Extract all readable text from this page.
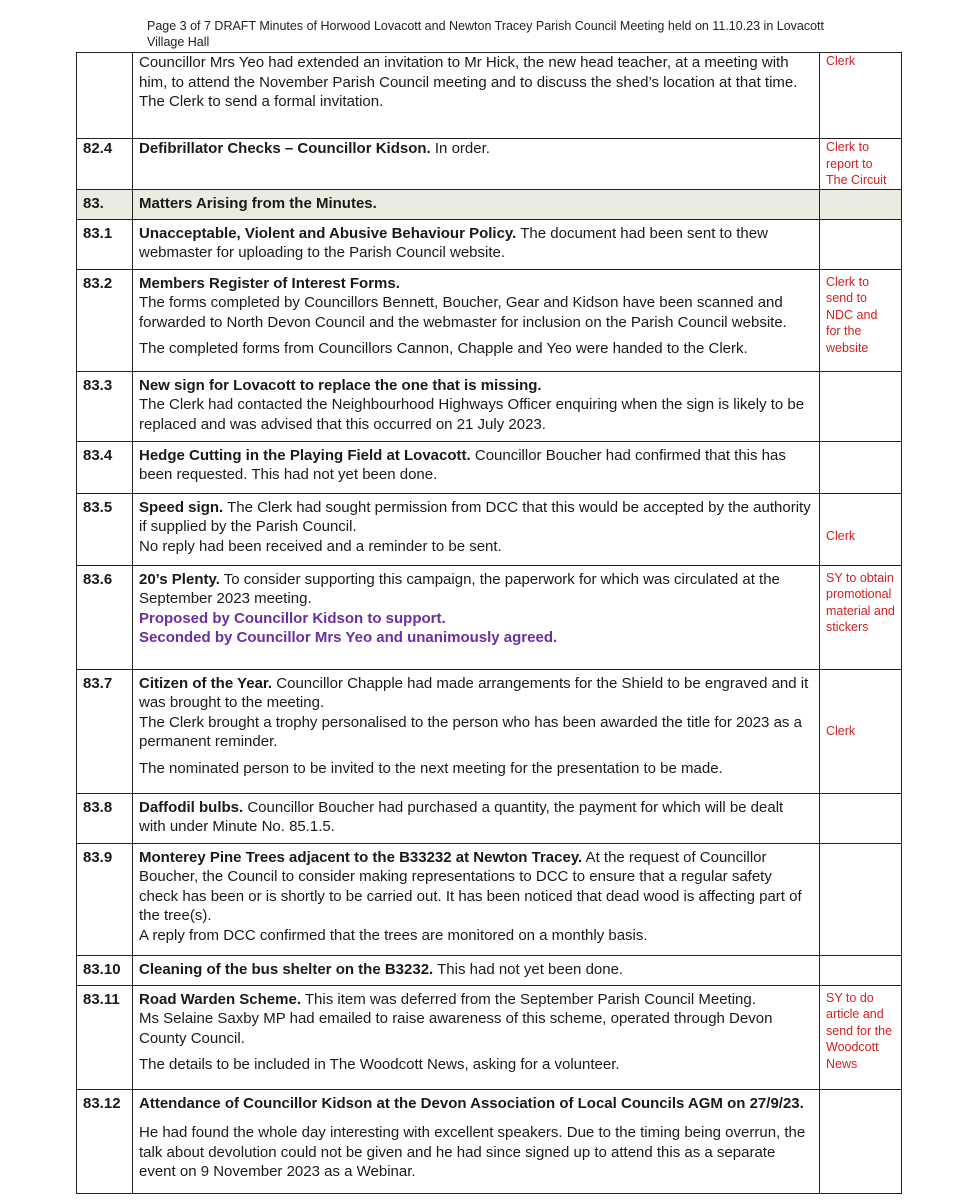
Page 3 of 7 DRAFT Minutes of Horwood Lovacott and Newton Tracey Parish Council Meeting held on 11.10.23 in Lovacott Village Hall

	Councillor Mrs Yeo had extended an invitation to Mr Hick, the new head teacher, at a meeting with him, to attend the November Parish Council meeting and to discuss the shed’s location at that time. The Clerk to send a formal invitation.	Clerk
82.4	Defibrillator Checks – Councillor Kidson. In order.	Clerk to report to The Circuit
83.	Matters Arising from the Minutes.	
83.1	Unacceptable, Violent and Abusive Behaviour Policy. The document had been sent to thew webmaster for uploading to the Parish Council website.	

83.2	Members Register of Interest Forms.

The forms completed by Councillors Bennett, Boucher, Gear and Kidson have been scanned and forwarded to North Devon Council and the webmaster for inclusion on the Parish Council website.

The completed forms from Councillors Cannon, Chapple and Yeo were handed to the Clerk.	Clerk to send to NDC and for the website
83.3	New sign for Lovacott to replace the one that is missing.

The Clerk had contacted the Neighbourhood Highways Officer enquiring when the sign is likely to be replaced and was advised that this occurred on 21 July 2023.	

83.4	Hedge Cutting in the Playing Field at Lovacott. Councillor Boucher had confirmed that this has been requested. This had not yet been done.	

83.5	Speed sign. The Clerk had sought permission from DCC that this would be accepted by the authority if supplied by the Parish Council.

No reply had been received and a reminder to be sent.	Clerk
83.6	20’s Plenty. To consider supporting this campaign, the paperwork for which was circulated at the September 2023 meeting.

Proposed by Councillor Kidson to support.

Seconded by Councillor Mrs Yeo and unanimously agreed.	SY to obtain promotional material and stickers
83.7	Citizen of the Year. Councillor Chapple had made arrangements for the Shield to be engraved and it was brought to the meeting.

The Clerk brought a trophy personalised to the person who has been awarded the title for 2023 as a permanent reminder.

The nominated person to be invited to the next meeting for the presentation to be made.	Clerk
83.8	Daffodil bulbs. Councillor Boucher had purchased a quantity, the payment for which will be dealt with under Minute No. 85.1.5.	

83.9	Monterey Pine Trees adjacent to the B33232 at Newton Tracey. At the request of Councillor Boucher, the Council to consider making representations to DCC to ensure that a regular safety check has been or is shortly to be carried out. It has been noticed that dead wood is affecting part of the tree(s).

A reply from DCC confirmed that the trees are monitored on a monthly basis.	

83.10	Cleaning of the bus shelter on the B3232. This had not yet been done.	

83.11	Road Warden Scheme. This item was deferred from the September Parish Council Meeting.

Ms Selaine Saxby MP had emailed to raise awareness of this scheme, operated through Devon County Council.

The details to be included in The Woodcott News, asking for a volunteer.	SY to do article and send for the Woodcott News
83.12	Attendance of Councillor Kidson at the Devon Association of Local Councils AGM on 27/9/23.

He had found the whole day interesting with excellent speakers. Due to the timing being overrun, the talk about devolution could not be given and he had since signed up to attend this as a separate event on 9 November 2023 as a Webinar.	
